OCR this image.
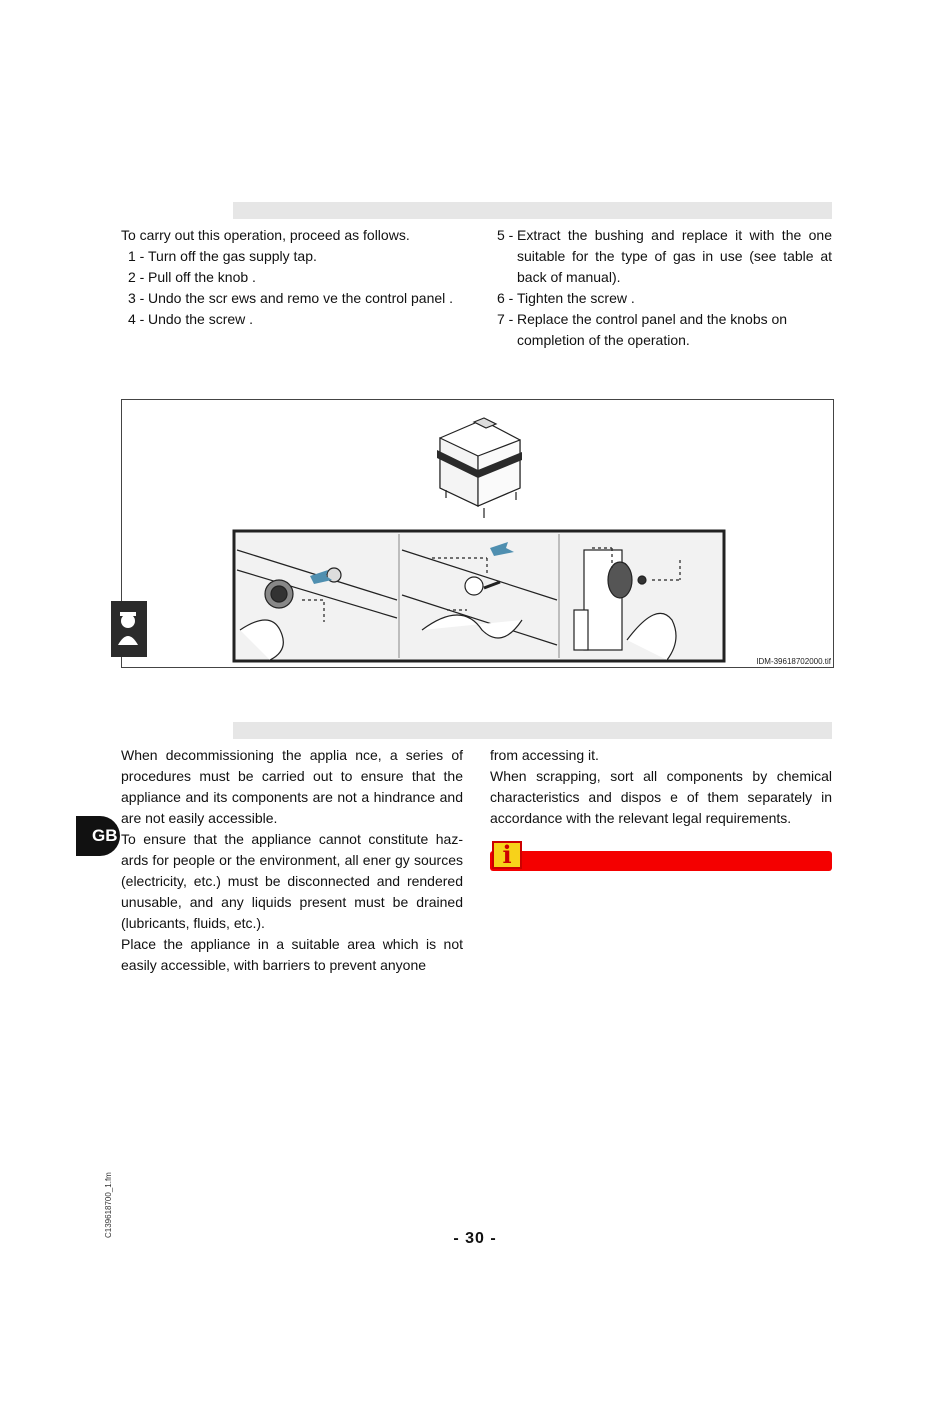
To carry out this operation, proceed as follows.

1 - Turn off the gas supply tap.
2 - Pull off the knob .
3 - Undo the scr ews and remo ve the control panel .
4 - Undo the screw .
5 - Extract the bushing and replace it with the one suitable for the type of gas in use (see table at back of manual).
6 - Tighten the screw .
7 - Replace the control panel and the knobs on completion of the operation.
IDM-39618702000.tif

When decommissioning the applia nce, a series of procedures must be carried out to ensure that the appliance and its components are not a hindrance and are not easily accessible.

To ensure that the appliance cannot constitute haz-ards for people or the environment, all ener gy sources (electricity, etc.) must be disconnected and rendered unusable, and any liquids present must be drained (lubricants, fluids, etc.).

Place the appliance in a suitable area which is not easily accessible, with barriers to prevent anyone

from accessing it.

When scrapping, sort all components by chemical characteristics and dispos e of them separately in accordance with the relevant legal requirements.

i
GB
C139618700_1.fm
- 30 -
